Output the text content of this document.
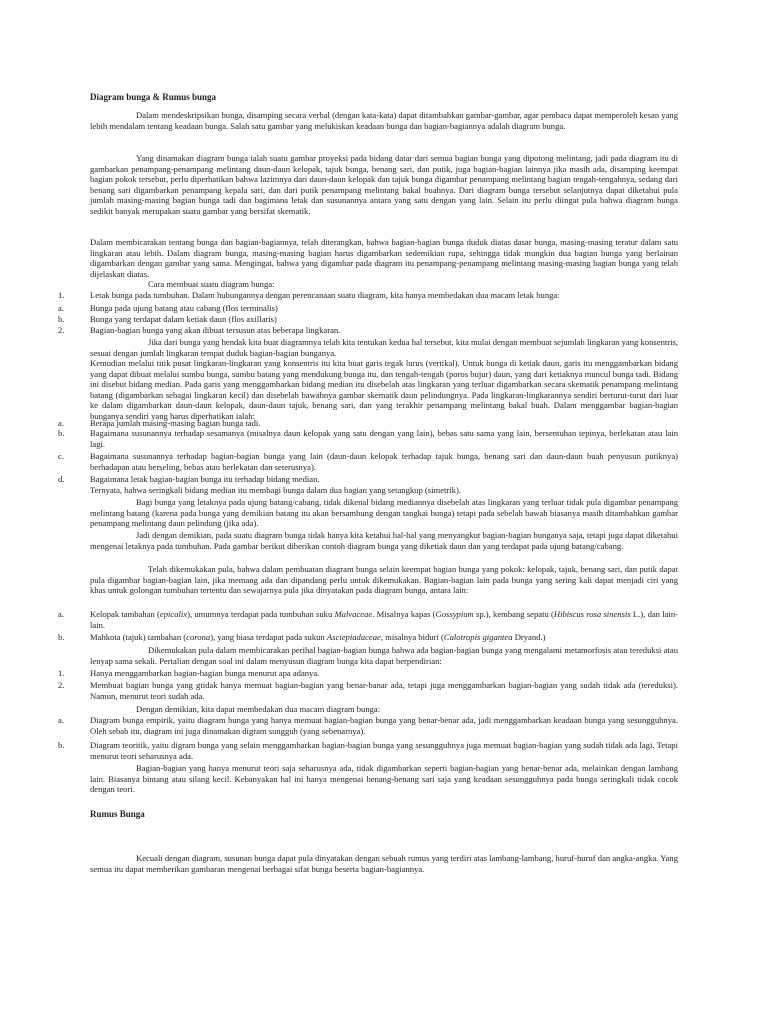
Diagram bunga & Rumus bunga
Dalam mendeskripsikan bunga, disamping secara verbal (dengan kata-kata) dapat ditambahkan gambar-gambar, agar pembaca dapat memperoleh kesan yang lebih mendalam tentang keadaan bunga. Salah satu gambar yang melukiskan keadaan bunga dan bagian-bagiannya adalah diagram bunga.
Yang dinamakan diagram bunga ialah suatu gambar proyeksi pada bidang datar dari semua bagian bunga yang dipotong melintang, jadi pada diagram itu di gambarkan penampang-penampang melintang daun-daun kelopak, tajuk bunga, benang sari, dan putik, juga bagian-bagian lainnya jika masih ada, disamping keempat bagian pokok tersebut, perlu diperhatikan bahwa lazimnya dari daun-daun kelopak dan tajuk bunga digambar penampang melintang bagian tengah-tengahnya, sedang dari benang sari digambarkan penampang kepala sari, dan dari putik penampang melintang bakal buahnya. Dari diagram bunga tersebut selanjutnya dapat diketahui pula jumlah masing-masing bagian bunga tadi dan bagimana letak dan susunannya antara yang satu dengan yang lain. Selain itu perlu diingat pula bahwa diagram bunga sedikit banyak merupakan suatu gambar yang bersifat skematik.
Dalam membicarakan tentang bunga dan bagian-bagiannya, telah diterangkan, bahwa bagian-bagian bunga duduk diatas dasar bunga, masing-masing teratur dalam satu lingkaran atau lebih. Dalam diagram bunga, masing-masing bagian harus digambarkan sedemikian rupa, sehingga tidak mungkin dua bagian bunga yang berlainan digambarkan dengan gambar yang sama. Mengingat, bahwa yang digambar pada diagram itu penampang-penampang melintang masing-masing bagian bunga yang telah dijelaskan diatas.
Cara membuat suatu diagram bunga:
1.	Letak bunga pada tumbuhan. Dalam hubungannya dengan perencanaan suatu diagram, kita hanya membedakan dua macam letak bunga:
a.	Bunga pada ujung batang atau cabang (flos terminalis)
b.	Bunga yang terdapat dalam ketiak daun (flos axillaris)
2.	Bagian-bagian bunga yang akan dibuat tersusun atas beberapa lingkaran.
Jika dari bunga yang hendak kita buat diagramnya telah kita tentukan kedua hal tersebut, kita mulai dengan membuat sejumlah lingkaran yang konsentris, sesuai dengan jumlah lingkaran tempat duduk bagian-bagian bunganya.
Kemudian melalui titik pusat lingkaran-lingkaran yang konsentris itu kita buat garis tegak lurus (vertikal). Untuk bunga di ketiak daun, garis itu menggambarkan bidang yang dapat dibuat melalui sumbu bunga, sumbu batang yang mendukung bunga itu, dan tengah-tengah (poros bujur) daun, yang dari ketiaknya muncul bunga tadi. Bidang ini disebut bidang median. Pada garis yang menggambarkan bidang median itu disebelah atas lingkaran yang terluar digambarkan secara skematik penampang melintang batang (digambarkan sebagai lingkaran kecil) dan disebelah bawahnya gambar skematik daun pelindungnya. Pada lingkaran-lingkarannya sendiri berturut-turut dari luar ke dalam digambarkan daun-daun kelopak, daun-daun tajuk, benang sari, dan yang terakhir penampang melintang bakal buah. Dalam menggambar bagian-bagian bunganya sendiri yang harus diperhatikan ialah:
a.	Berapa jumlah masing-masing bagian bunga tadi.
b.	Bagaimana susunannya terhadap sesamanya (misalnya daun kelopak yang satu dengan yang lain), bebas satu sama yang lain, bersentuhan tepinya, berlekatan atau lain lagi.
c.	Bagaimana susunannya terhadap bagian-bagian bunga yang lain (daun-daun kelopak terhadap tajuk bunga, benang sari dan daun-daun buah penyusun putiknya) berhadapan atau berseling, bebas atau berlekatan dan seterusnya).
d.	Bagaimana letak bagian-bagian bunga itu terhadap bidang median.
Ternyata, bahwa seringkali bidang median itu membagi bunga dalam dua bagian yang setangkup (simetrik).
Bagi bunga yang letaknya pada ujung batang/cabang, tidak dikenal bidang mediannya disebelah atas lingkaran yang terluar tidak pula digambar penampang melintang batang (karena pada bunga yang demikian batang itu akan bersambung dengan tangkai bunga) tetapi pada sebelah bawah biasanya masih ditambahkan gambar penampang melintang daun pelindung (jika ada).
Jadi dengan demikian, pada suatu diagram bunga tidak hanya kita ketahui hal-hal yang menyangkut bagian-bagian bunganya saja, tetapi juga dapat diketahui mengenai letaknya pada tumbuhan. Pada gambar berikut diberikan contoh diagram bunga yang diketiak daun dan yang terdapat pada ujung batang/cabang.
Telah dikemukakan pula, bahwa dalam pembuatan diagram bunga selain keempat bagian bunga yang pokok: kelopak, tajuk, benang sari, dan putik dapat pula digambar bagian-bagian lain, jika memang ada dan dipandang perlu untuk dikemukakan. Bagian-bagian lain pada bunga yang sering kali dapat menjadi ciri yang khas untuk golongan tumbuhan tertentu dan sewajarnya pula jika dinyatakan pada diagram bunga, antara lain:
a.	Kelopak tambahan (epicalix), umumnya terdapat pada tumbuhan suku Malvaceae. Misalnya kapas (Gossypium sp.), kembang sepatu (Hibiscus rosa sinensis L.), dan lain-lain.
b.	Mahkota (tajuk) tambahan (corona), yang biasa terdapat pada sukun Asciepiadaceae, misalnya biduri (Calotropis gigantea Dryand.)
Dikemukakan pula dalam membicarakan perihal bagian-bagian bunga bahwa ada bagian-bagian bunga yang mengalami metamorfosis atau tereduksi atau lenyap sama sekali. Pertalian dengan soal ini dalam menyusun diagram bunga kita dapat berpendirian:
1.	Hanya menggambarkan bagian-bagian bunga menurut apa adanya.
2.	Membuat bagian bunga yang gtidak hanya memuat bagian-bagian yang benar-banar ada, tetapi juga menggambarkan bagian-bagian yang sudah tidak ada (tereduksi). Namun, menurut teori sudah ada.
Dengan demikian, kita dapat membedakan dua macam diagram bunga:
a.	Diagram bunga empirik, yaitu diagram bunga yang hanya memuat bagian-bagian bunga yang benar-benar ada, jadi menggambarkan keadaan bunga yang sesungguhnya. Oleh sebab itu, diagram ini juga dinamakan digram sungguh (yang sebenarnya).
b.	Diagram teoritik, yaitu digram bunga yang selain menggambarkan bagian-bagian bunga yang sesungguhnya juga memuat bagian-bagian yang sudah tidak ada lagi. Tetapi menurut teori seharusnya ada.
Bagian-bagian yang hanya menurut teori saja seharusnya ada, tidak digambarkan seperti bagian-bagian yang benar-benar ada, melainkan dengan lambang lain. Biasanya bintang atau silang kecil. Kebanyakan hal ini hanya mengenai benang-benang sari saja yang keadaan sesungguhnya pada bunga seringkali tidak cocok dengan teori.
Rumus Bunga
Kecuali dengan diagram, susunan bunga dapat pula dinyatakan dengan sebuah rumus yang terdiri atas lambang-lambang, huruf-huruf dan angka-angka. Yang semua itu dapat memberikan gambaran mengenai berbagai sifat bunga beserta bagian-bagiannya.
